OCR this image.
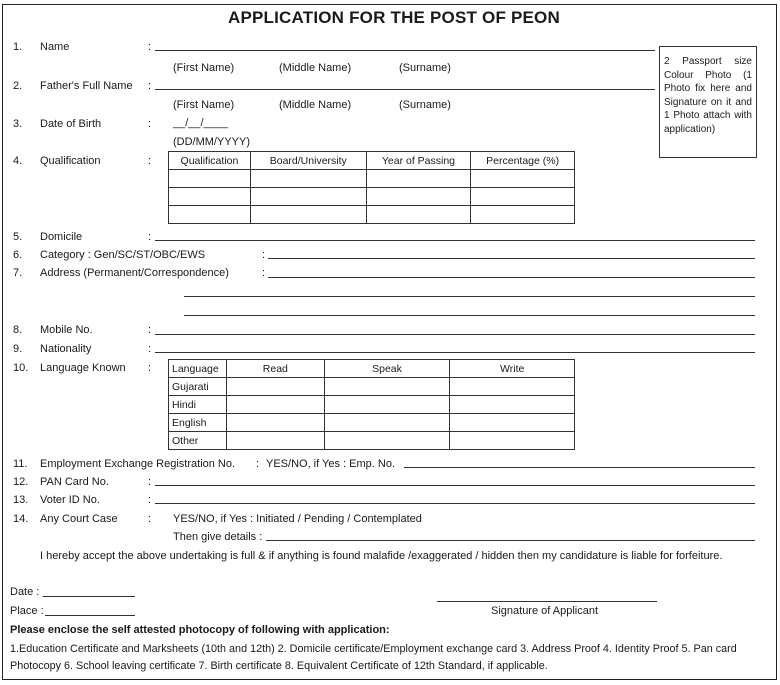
APPLICATION FOR THE POST OF PEON
2 Passport size Colour Photo (1 Photo fix here and Signature on it and 1 Photo attach with application)
1. Name	:
(First Name)	(Middle Name)	(Surname)
2. Father's Full Name :
(First Name)	(Middle Name)	(Surname)
3. Date of Birth	: __/__/____
(DD/MM/YYYY)
4. Qualification	:	Qualification	Board/University	Year of Passing	Percentage (%)

5. Domicile	:
6. Category : Gen/SC/ST/OBC/EWS	:
7. Address (Permanent/Correspondence)	:
8. Mobile No.	:
9. Nationality	:
10. Language Known : Language	Read	Speak	Write
Gujarati			
Hindi			
English			
Other			
11. Employment Exchange Registration No. : YES/NO, if Yes : Emp. No.
12. PAN Card No.	:
13. Voter ID No.	:
14. Any Court Case	: YES/NO, if Yes : Initiated / Pending / Contemplated
Then give details :
I hereby accept the above undertaking is full & if anything is found malafide /exaggerated / hidden then my candidature is liable for forfeiture.
Date :
Place :	Signature of Applicant
Please enclose the self attested photocopy of following with application:
1.Education Certificate and Marksheets (10th and 12th) 2. Domicile certificate/Employment exchange card 3. Address Proof 4. Identity Proof 5. Pan card Photocopy 6. School leaving certificate 7. Birth certificate 8. Equivalent Certificate of 12th Standard, if applicable.
